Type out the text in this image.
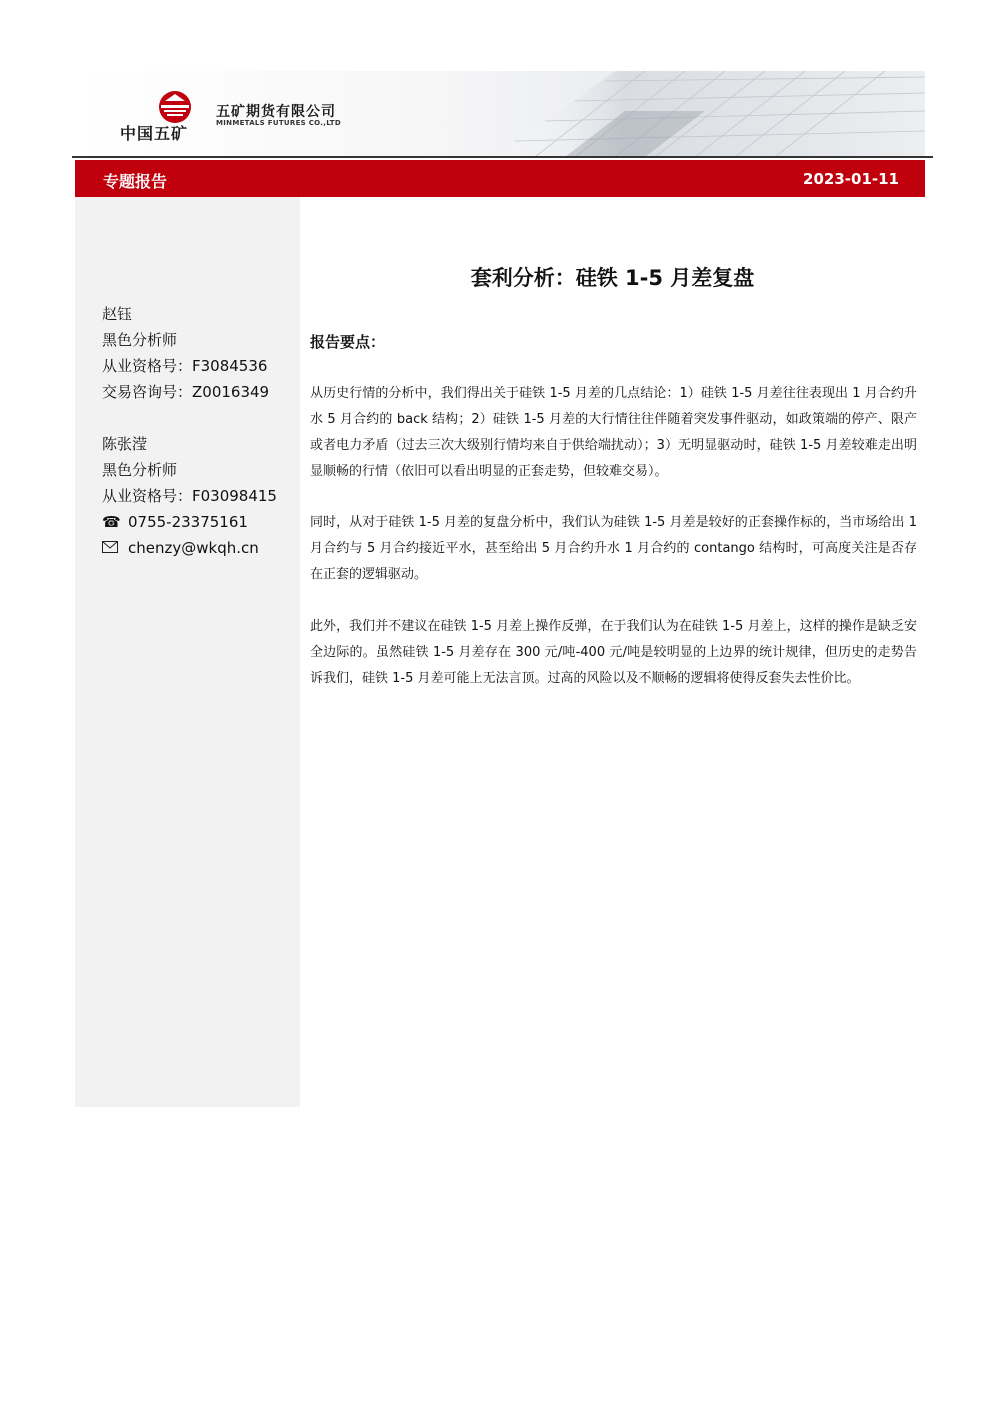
中国五矿
五矿期货有限公司
MINMETALS FUTURES CO.,LTD
专题报告	2023-01-11
赵钰
黑色分析师
从业资格号：F3084536
交易咨询号：Z0016349
陈张滢
黑色分析师
从业资格号：F03098415
☎ 0755-23375161
chenzy@wkqh.cn
套利分析：硅铁 1-5 月差复盘
报告要点：
从历史行情的分析中，我们得出关于硅铁 1-5 月差的几点结论：1）硅铁 1-5 月差往往表现出 1 月合约升水 5 月合约的 back 结构；2）硅铁 1-5 月差的大行情往往伴随着突发事件驱动，如政策端的停产、限产或者电力矛盾（过去三次大级别行情均来自于供给端扰动）；3）无明显驱动时，硅铁 1-5 月差较难走出明显顺畅的行情（依旧可以看出明显的正套走势，但较难交易）。
同时，从对于硅铁 1-5 月差的复盘分析中，我们认为硅铁 1-5 月差是较好的正套操作标的，当市场给出 1 月合约与 5 月合约接近平水，甚至给出 5 月合约升水 1 月合约的 contango 结构时，可高度关注是否存在正套的逻辑驱动。
此外，我们并不建议在硅铁 1-5 月差上操作反弹，在于我们认为在硅铁 1-5 月差上，这样的操作是缺乏安全边际的。虽然硅铁 1-5 月差存在 300 元/吨-400 元/吨是较明显的上边界的统计规律，但历史的走势告诉我们，硅铁 1-5 月差可能上无法言顶。过高的风险以及不顺畅的逻辑将使得反套失去性价比。
